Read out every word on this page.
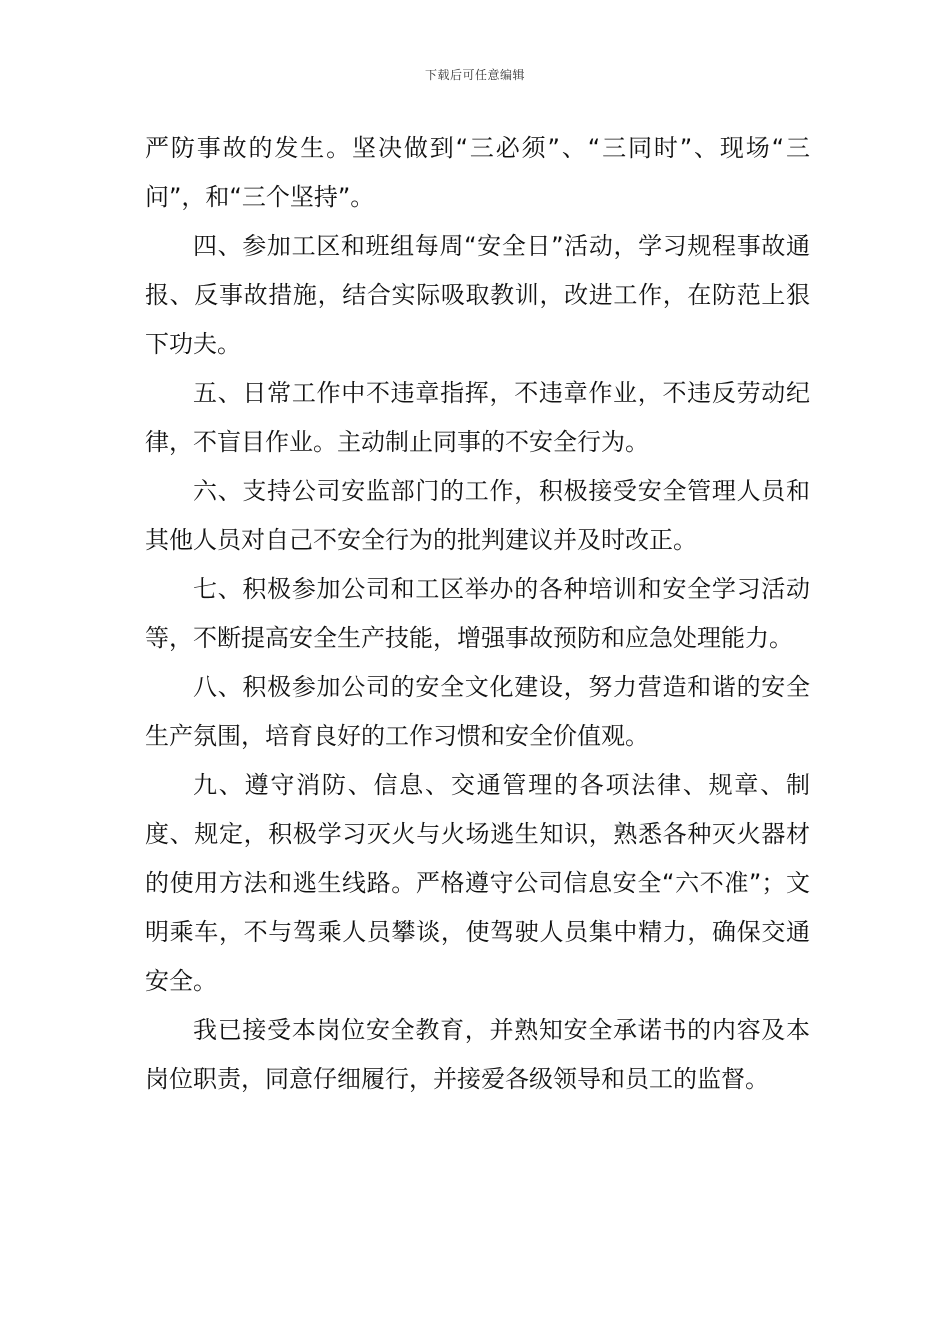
下载后可任意编辑

严防事故的发生。坚决做到“三必须”、“三同时”、现场“三问”，和“三个坚持”。

四、参加工区和班组每周“安全日”活动，学习规程事故通报、反事故措施，结合实际吸取教训，改进工作，在防范上狠下功夫。

五、日常工作中不违章指挥，不违章作业，不违反劳动纪律，不盲目作业。主动制止同事的不安全行为。

六、支持公司安监部门的工作，积极接受安全管理人员和其他人员对自己不安全行为的批判建议并及时改正。

七、积极参加公司和工区举办的各种培训和安全学习活动等，不断提高安全生产技能，增强事故预防和应急处理能力。

八、积极参加公司的安全文化建设，努力营造和谐的安全生产氛围，培育良好的工作习惯和安全价值观。

九、遵守消防、信息、交通管理的各项法律、规章、制度、规定，积极学习灭火与火场逃生知识，熟悉各种灭火器材的使用方法和逃生线路。严格遵守公司信息安全“六不准”；文明乘车，不与驾乘人员攀谈，使驾驶人员集中精力，确保交通安全。

我已接受本岗位安全教育，并熟知安全承诺书的内容及本岗位职责，同意仔细履行，并接爱各级领导和员工的监督。
